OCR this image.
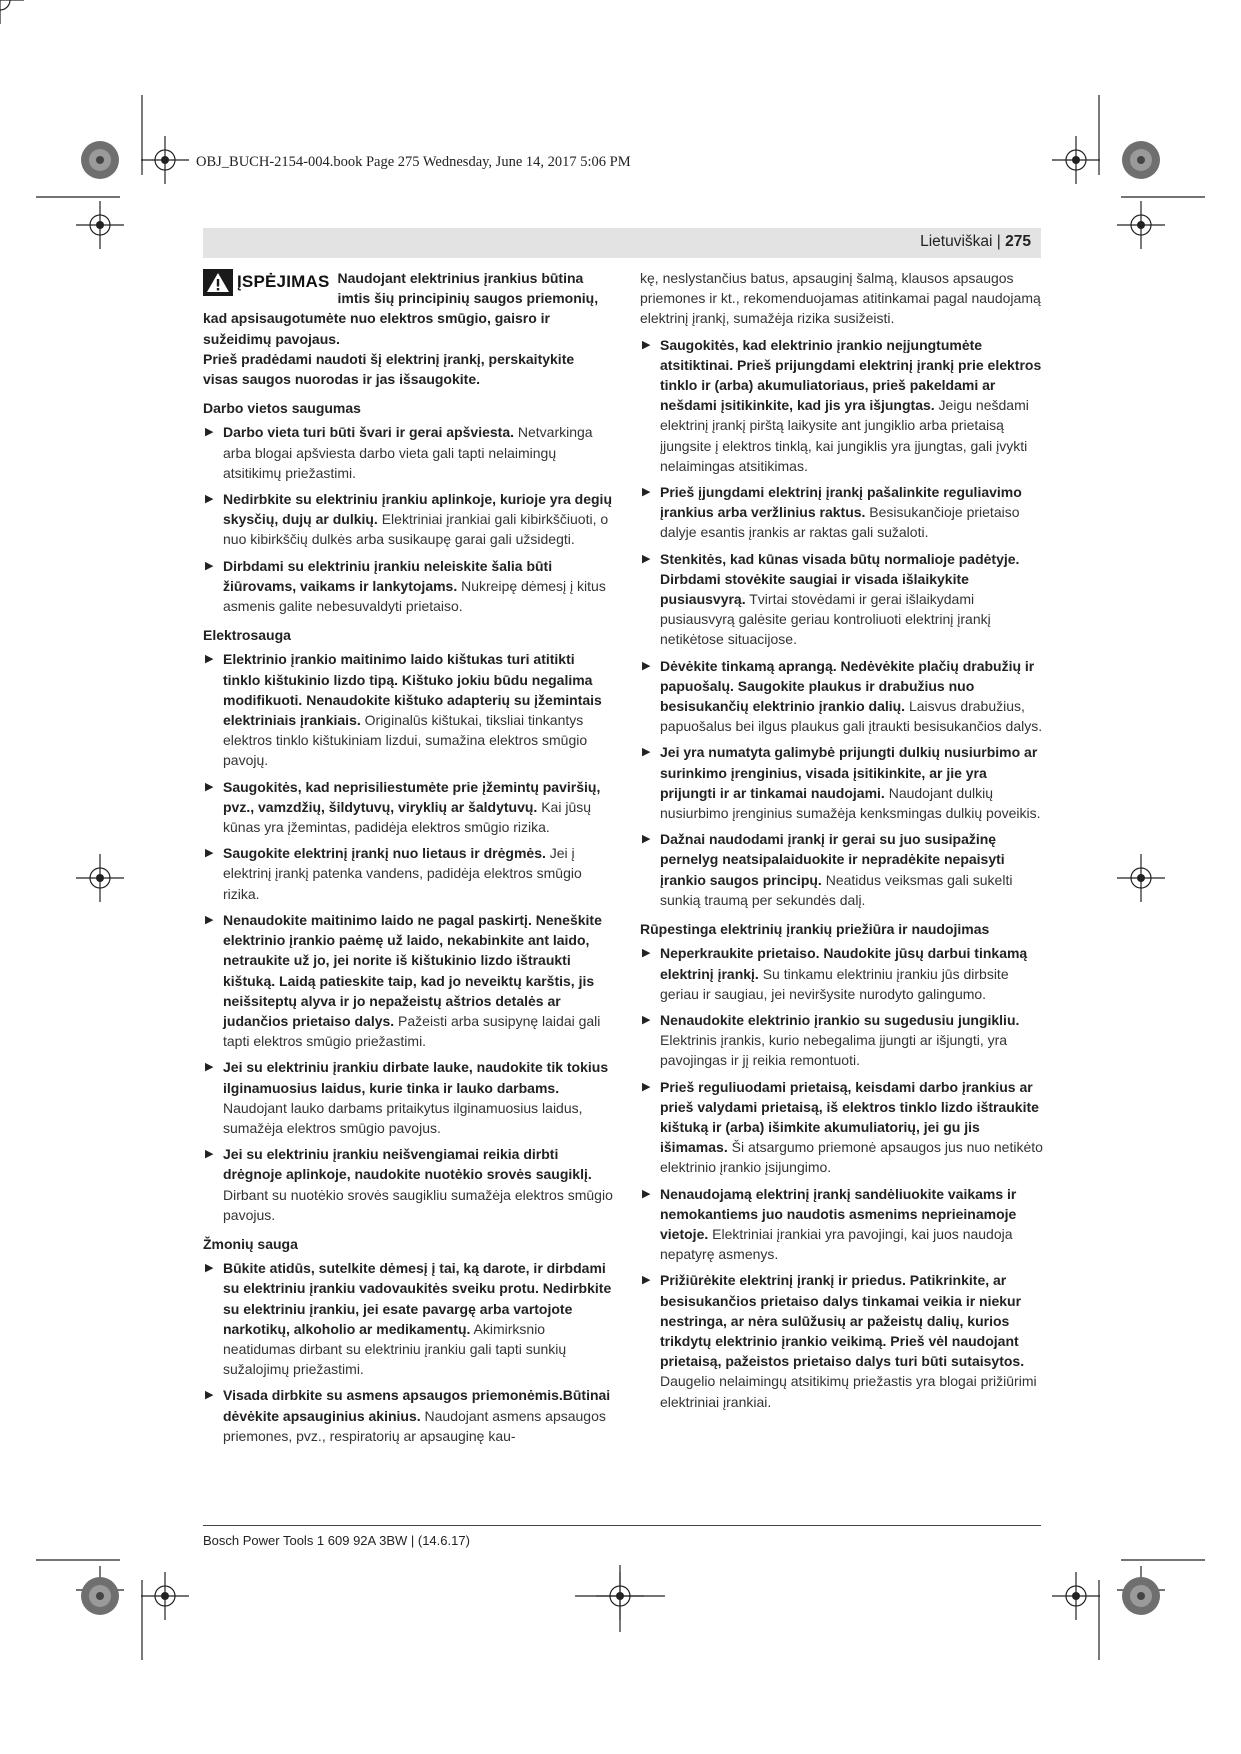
OBJ_BUCH-2154-004.book Page 275 Wednesday, June 14, 2017 5:06 PM
Lietuviškai | 275
ĮSPĖJIMAS Naudojant elektrinius įrankius būtina imtis šių principinių saugos priemonių, kad apsisaugotumėte nuo elektros smūgio, gaisro ir sužeidimų pavojaus.

Prieš pradėdami naudoti šį elektrinį įrankį, perskaitykite visas saugos nuorodas ir jas išsaugokite.

Darbo vietos saugumas
▶ Darbo vieta turi būti švari ir gerai apšviesta. Netvarkinga arba blogai apšviesta darbo vieta gali tapti nelaimingų atsitikimų priežastimi.
▶ Nedirbkite su elektriniu įrankiu aplinkoje, kurioje yra degių skysčių, dujų ar dulkių. Elektriniai įrankiai gali kibirkščiuoti, o nuo kibirkščių dulkės arba susikaupę garai gali užsidegti.
▶ Dirbdami su elektriniu įrankiu neleiskite šalia būti žiūrovams, vaikams ir lankytojams. Nukreipę dėmesį į kitus asmenis galite nebesuvaldyti prietaiso.
Elektrosauga
▶ Elektrinio įrankio maitinimo laido kištukas turi atitikti tinklo kištukinio lizdo tipą. Kištuko jokiu būdu negalima modifikuoti. Nenaudokite kištuko adapterių su įžemintais elektriniais įrankiais. Originalūs kištukai, tiksliai tinkantys elektros tinklo kištukiniam lizdui, sumažina elektros smūgio pavojų.
▶ Saugokitės, kad neprisiliestumėte prie įžemintų paviršių, pvz., vamzdžių, šildytuvų, viryklių ar šaldytuvų. Kai jūsų kūnas yra įžemintas, padidėja elektros smūgio rizika.
▶ Saugokite elektrinį įrankį nuo lietaus ir drėgmės. Jei į elektrinį įrankį patenka vandens, padidėja elektros smūgio rizika.
▶ Nenaudokite maitinimo laido ne pagal paskirtį. Neneškite elektrinio įrankio paėmę už laido, nekabinkite ant laido, netraukite už jo, jei norite iš kištukinio lizdo ištraukti kištuką. Laidą patieskite taip, kad jo neveiktų karštis, jis neišsiteptų alyva ir jo nepažeistų aštrios detalės ar judančios prietaiso dalys. Pažeisti arba susipynę laidai gali tapti elektros smūgio priežastimi.
▶ Jei su elektriniu įrankiu dirbate lauke, naudokite tik tokius ilginamuosius laidus, kurie tinka ir lauko darbams. Naudojant lauko darbams pritaikytus ilginamuosius laidus, sumažėja elektros smūgio pavojus.
▶ Jei su elektriniu įrankiu neišvengiamai reikia dirbti drėgnoje aplinkoje, naudokite nuotėkio srovės saugiklį. Dirbant su nuotėkio srovės saugikliu sumažėja elektros smūgio pavojus.
Žmonių sauga
▶ Būkite atidūs, sutelkite dėmesį į tai, ką darote, ir dirbdami su elektriniu įrankiu vadovaukitės sveiku protu. Nedirbkite su elektriniu įrankiu, jei esate pavargę arba vartojote narkotikų, alkoholio ar medikamentų. Akimirksnio neatidumas dirbant su elektriniu įrankiu gali tapti sunkių sužalojimų priežastimi.
▶ Visada dirbkite su asmens apsaugos priemonėmis.Būtinai dėvėkite apsauginius akinius. Naudojant asmens apsaugos priemones, pvz., respiratorių ar apsauginę kau-
kę, neslystančius batus, apsauginį šalmą, klausos apsaugos priemones ir kt., rekomenduojamas atitinkamai pagal naudojamą elektrinį įrankį, sumažėja rizika susižeisti.
▶ Saugokitės, kad elektrinio įrankio neįjungtumėte atsitiktinai. Prieš prijungdami elektrinį įrankį prie elektros tinklo ir (arba) akumuliatoriaus, prieš pakeldami ar nešdami įsitikinkite, kad jis yra išjungtas. Jeigu nešdami elektrinį įrankį pirštą laikysite ant jungiklio arba prietaisą įjungsite į elektros tinklą, kai jungiklis yra įjungtas, gali įvykti nelaimingas atsitikimas.
▶ Prieš įjungdami elektrinį įrankį pašalinkite reguliavimo įrankius arba veržlinius raktus. Besisukančioje prietaiso dalyje esantis įrankis ar raktas gali sužaloti.
▶ Stenkitės, kad kūnas visada būtų normalioje padėtyje. Dirbdami stovėkite saugiai ir visada išlaikykite pusiausvyrą. Tvirtai stovėdami ir gerai išlaikydami pusiausvyrą galėsite geriau kontroliuoti elektrinį įrankį netikėtose situacijose.
▶ Dėvėkite tinkamą aprangą. Nedėvėkite plačių drabužių ir papuošalų. Saugokite plaukus ir drabužius nuo besisukančių elektrinio įrankio dalių. Laisvus drabužius, papuošalus bei ilgus plaukus gali įtraukti besisukančios dalys.
▶ Jei yra numatyta galimybė prijungti dulkių nusiurbimo ar surinkimo įrenginius, visada įsitikinkite, ar jie yra prijungti ir ar tinkamai naudojami. Naudojant dulkių nusiurbimo įrenginius sumažėja kenksmingas dulkių poveikis.
▶ Dažnai naudodami įrankį ir gerai su juo susipažinę pernelyg neatsipalaiduokite ir nepradėkite nepaisyti įrankio saugos principų. Neatidus veiksmas gali sukelti sunkią traumą per sekundės dalį.
Rūpestinga elektrinių įrankių priežiūra ir naudojimas
▶ Neperkraukite prietaiso. Naudokite jūsų darbui tinkamą elektrinį įrankį. Su tinkamu elektriniu įrankiu jūs dirbsite geriau ir saugiau, jei neviršysite nurodyto galingumo.
▶ Nenaudokite elektrinio įrankio su sugedusiu jungikliu. Elektrinis įrankis, kurio nebegalima įjungti ar išjungti, yra pavojingas ir jį reikia remontuoti.
▶ Prieš reguliuodami prietaisą, keisdami darbo įrankius ar prieš valydami prietaisą, iš elektros tinklo lizdo ištraukite kištuką ir (arba) išimkite akumuliatorių, jei gu jis išimamas. Ši atsargumo priemonė apsaugos jus nuo netikėto elektrinio įrankio įsijungimo.
▶ Nenaudojamą elektrinį įrankį sandėliuokite vaikams ir nemokantiems juo naudotis asmenims neprieinamoje vietoje. Elektriniai įrankiai yra pavojingi, kai juos naudoja nepatyrę asmenys.
▶ Prižiūrėkite elektrinį įrankį ir priedus. Patikrinkite, ar besisukančios prietaiso dalys tinkamai veikia ir niekur nestringa, ar nėra sulūžusių ar pažeistų dalių, kurios trikdytų elektrinio įrankio veikimą. Prieš vėl naudojant prietaisą, pažeistos prietaiso dalys turi būti sutaisytos. Daugelio nelaimingų atsitikimų priežastis yra blogai prižiūrimi elektriniai įrankiai.
Bosch Power Tools 1 609 92A 3BW | (14.6.17)
